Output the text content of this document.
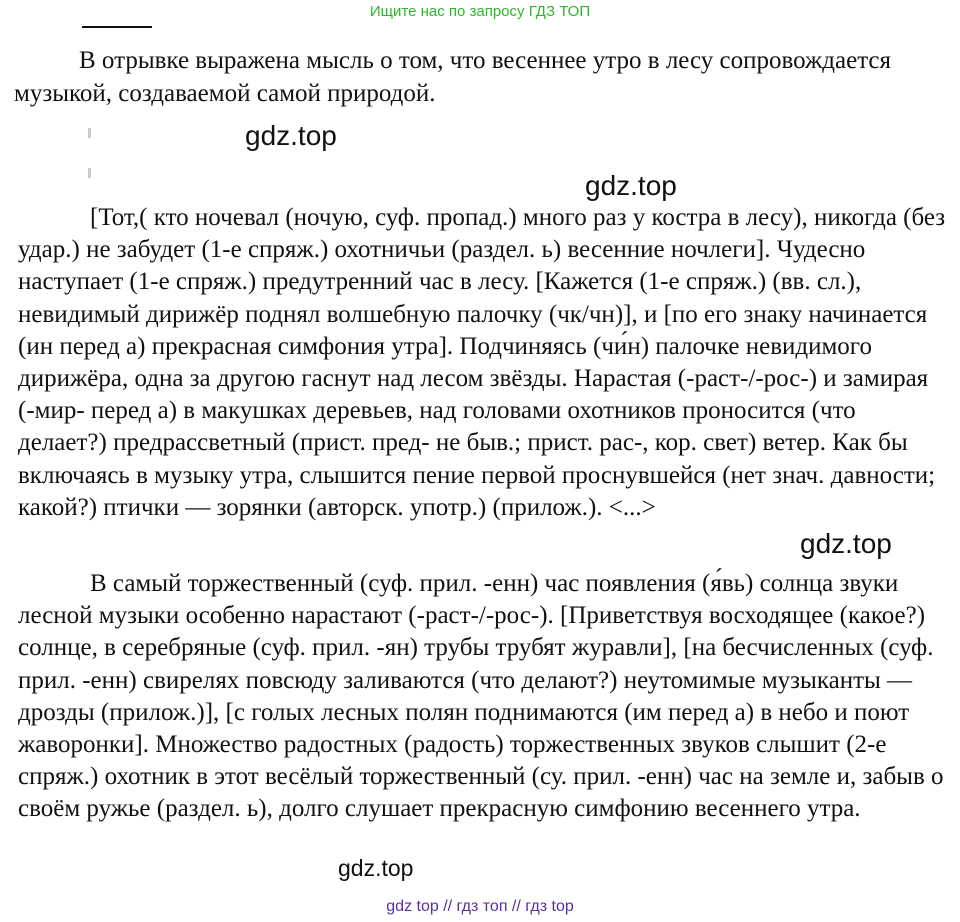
Ищите нас по запросу ГДЗ ТОП

В отрывке выражена мысль о том, что весеннее утро в лесу сопровождается музыкой, создаваемой самой природой.

gdz.top
gdz.top
gdz.top

[Тот,( кто ночевал (ночую, суф. пропад.) много раз у костра в лесу), никогда (без удар.) не забудет (1-е спряж.) охотничьи (раздел. ь) весенние ночлеги]. Чудесно наступает (1-е спряж.) предутренний час в лесу. [Кажется (1-е спряж.) (вв. сл.), невидимый дирижёр поднял волшебную палочку (чк/чн)], и [по его знаку начинается (ин перед а) прекрасная симфония утра]. Подчиняясь (чи́н) палочке невидимого дирижёра, одна за другою гаснут над лесом звёзды. Нарастая (-раст-/-рос-) и замирая (-мир- перед а) в макушках деревьев, над головами охотников проносится (что делает?) предрассветный (прист. пред- не быв.; прист. рас-, кор. свет) ветер. Как бы включаясь в музыку утра, слышится пение первой проснувшейся (нет знач. давности; какой?) птички — зорянки (авторск. употр.) (прилож.). <...>

В самый торжественный (суф. прил. -енн) час появления (я́вь) солнца звуки лесной музыки особенно нарастают (-раст-/-рос-). [Приветствуя восходящее (какое?) солнце, в серебряные (суф. прил. -ян) трубы трубят журавли], [на бесчисленных (суф. прил. -енн) свирелях повсюду заливаются (что делают?) неутомимые музыканты — дрозды (прилож.)], [с голых лесных полян поднимаются (им перед а) в небо и поют жаворонки]. Множество радостных (радость) торжественных звуков слышит (2-е спряж.) охотник в этот весёлый торжественный (су. прил. -енн) час на земле и, забыв о своём ружье (раздел. ь), долго слушает прекрасную симфонию весеннего утра.

gdz.top
gdz top // гдз топ // гдз top
